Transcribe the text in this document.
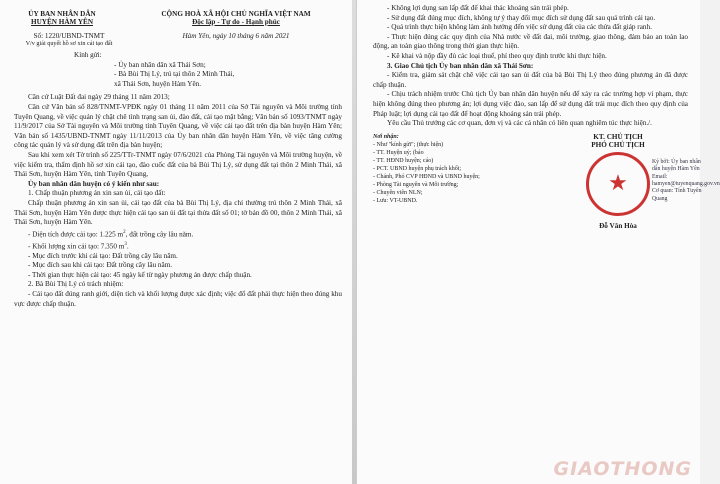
ỦY BAN NHÂN DÂN
HUYỆN HÀM YÊN
CỘNG HOÀ XÃ HỘI CHỦ NGHĨA VIỆT NAM
Độc lập - Tự do - Hạnh phúc
Số: 1220/UBND-TNMT
V/v giải quyết hồ sơ xin cải tạo đất
Hàm Yên, ngày 10 tháng 6 năm 2021
Kính gửi:
- Ủy ban nhân dân xã Thái Sơn;
- Bà Bùi Thị Lý, trú tại thôn 2 Minh Thái,
xã Thái Sơn, huyện Hàm Yên.

Căn cứ Luật Đất đai ngày 29 tháng 11 năm 2013;

Căn cứ Văn bản số 828/TNMT-VPĐK ngày 01 tháng 11 năm 2011 của Sở Tài nguyên và Môi trường tỉnh Tuyên Quang, về việc quản lý chặt chẽ tình trạng san ủi, đào đất, cải tạo mặt bằng; Văn bản số 1093/TNMT ngày 11/9/2017 của Sở Tài nguyên và Môi trường tỉnh Tuyên Quang, về việc cải tạo đất trên địa bàn huyện Hàm Yên; Văn bản số 1435/UBND-TNMT ngày 11/11/2013 của Ủy ban nhân dân huyện Hàm Yên, về việc tăng cường công tác quản lý và sử dụng đất trên địa bàn huyện;

Sau khi xem xét Tờ trình số 225/TTr-TNMT ngày 07/6/2021 của Phòng Tài nguyên và Môi trường huyện, về việc kiểm tra, thẩm định hồ sơ xin cải tạo, đào cuốc đất của bà Bùi Thị Lý, sử dụng đất tại thôn 2 Minh Thái, xã Thái Sơn, huyện Hàm Yên, tỉnh Tuyên Quang,

Ủy ban nhân dân huyện có ý kiến như sau:

1. Chấp thuận phương án xin san ủi, cải tạo đất:

Chấp thuận phương án xin san ủi, cải tạo đất của bà Bùi Thị Lý, địa chỉ thường trú thôn 2 Minh Thái, xã Thái Sơn, huyện Hàm Yên được thực hiện cải tạo san ủi đất tại thửa đất số 01; tờ bản đồ 00, thôn 2 Minh Thái, xã Thái Sơn, huyện Hàm Yên.

- Diện tích được cải tạo: 1.225 $m^2$, đất trồng cây lâu năm.

- Khối lượng xin cải tạo: 7.350 $m^3$.

- Mục đích trước khi cải tạo: Đất trồng cây lâu năm.

- Mục đích sau khi cải tạo: Đất trồng cây lâu năm.

- Thời gian thực hiện cải tạo: 45 ngày kể từ ngày phương án được chấp thuận.

2. Bà Bùi Thị Lý có trách nhiệm:

- Cải tạo đất đúng ranh giới, diện tích và khối lượng được xác định; việc đổ đất phải thực hiện theo đúng khu vực được chấp thuận.

- Không lợi dụng san lấp đất để khai thác khoáng sản trái phép.

- Sử dụng đất đúng mục đích, không tự ý thay đổi mục đích sử dụng đất sau quá trình cải tạo.

- Quá trình thực hiện không làm ảnh hưởng đến việc sử dụng đất của các thửa đất giáp ranh.

- Thực hiện đúng các quy định của Nhà nước về đất đai, môi trường, giao thông, đảm bảo an toàn lao động, an toàn giao thông trong thời gian thực hiện.

- Kê khai và nộp đầy đủ các loại thuế, phí theo quy định trước khi thực hiện.

3. Giao Chủ tịch Ủy ban nhân dân xã Thái Sơn:

- Kiểm tra, giám sát chặt chẽ việc cải tạo san ủi đất của bà Bùi Thị Lý theo đúng phương án đã được chấp thuận.

- Chịu trách nhiệm trước Chủ tịch Ủy ban nhân dân huyện nếu để xảy ra các trường hợp vi phạm, thực hiện không đúng theo phương án; lợi dụng việc đào, san lấp để sử dụng đất trái mục đích theo quy định của Pháp luật; lợi dụng cải tạo đất để hoạt động khoáng sản trái phép.

Yêu cầu Thủ trưởng các cơ quan, đơn vị và các cá nhân có liên quan nghiêm túc thực hiện./.

Nơi nhận:
- Như "kính gửi"; (thực hiện)
- TT. Huyện uỷ; (báo
- TT. HĐND huyện; cáo)
- PCT. UBND huyện phụ trách khối;
- Chánh, Phó CVP HĐND và UBND huyện;
- Phòng Tài nguyên và Môi trường;
- Chuyên viên NLN;
- Lưu: VT-UBND.
KT. CHỦ TỊCH
PHÓ CHỦ TỊCH
★
Ký bởi: Ủy ban nhân dân huyện Hàm Yên
Email:
hamyen@tuyenquang.gov.vn
Cơ quan: Tỉnh Tuyên Quang
Đỗ Văn Hòa
GIAOTHONG
